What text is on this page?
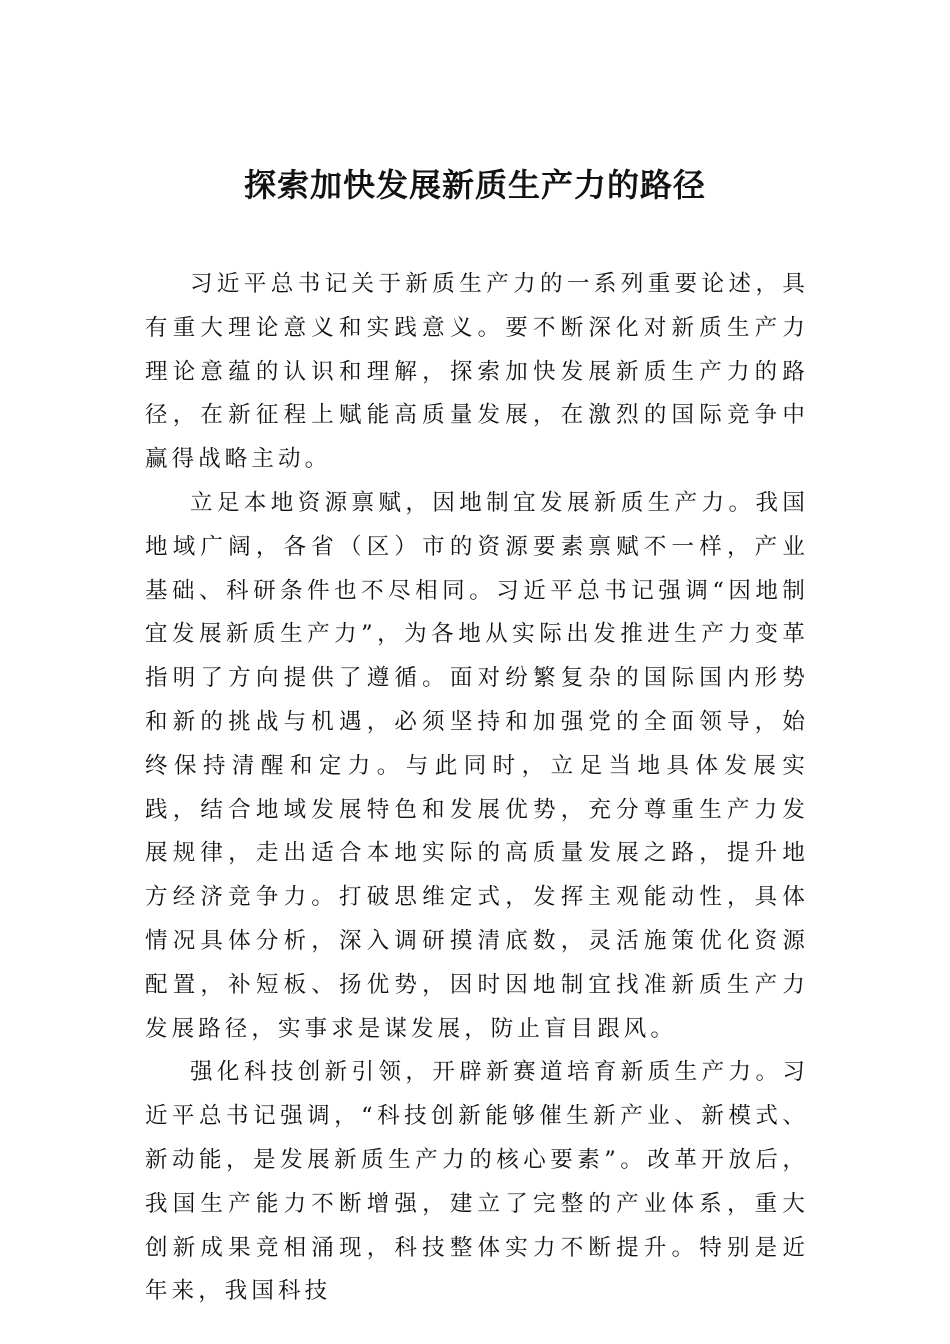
探索加快发展新质生产力的路径

习近平总书记关于新质生产力的一系列重要论述，具有重大理论意义和实践意义。要不断深化对新质生产力理论意蕴的认识和理解，探索加快发展新质生产力的路径，在新征程上赋能高质量发展，在激烈的国际竞争中赢得战略主动。

立足本地资源禀赋，因地制宜发展新质生产力。我国地域广阔，各省（区）市的资源要素禀赋不一样，产业基础、科研条件也不尽相同。习近平总书记强调“因地制宜发展新质生产力”，为各地从实际出发推进生产力变革指明了方向提供了遵循。面对纷繁复杂的国际国内形势和新的挑战与机遇，必须坚持和加强党的全面领导，始终保持清醒和定力。与此同时，立足当地具体发展实践，结合地域发展特色和发展优势，充分尊重生产力发展规律，走出适合本地实际的高质量发展之路，提升地方经济竞争力。打破思维定式，发挥主观能动性，具体情况具体分析，深入调研摸清底数，灵活施策优化资源配置，补短板、扬优势，因时因地制宜找准新质生产力发展路径，实事求是谋发展，防止盲目跟风。

强化科技创新引领，开辟新赛道培育新质生产力。习近平总书记强调，“科技创新能够催生新产业、新模式、新动能，是发展新质生产力的核心要素”。改革开放后，我国生产能力不断增强，建立了完整的产业体系，重大创新成果竞相涌现，科技整体实力不断提升。特别是近年来，我国科技
